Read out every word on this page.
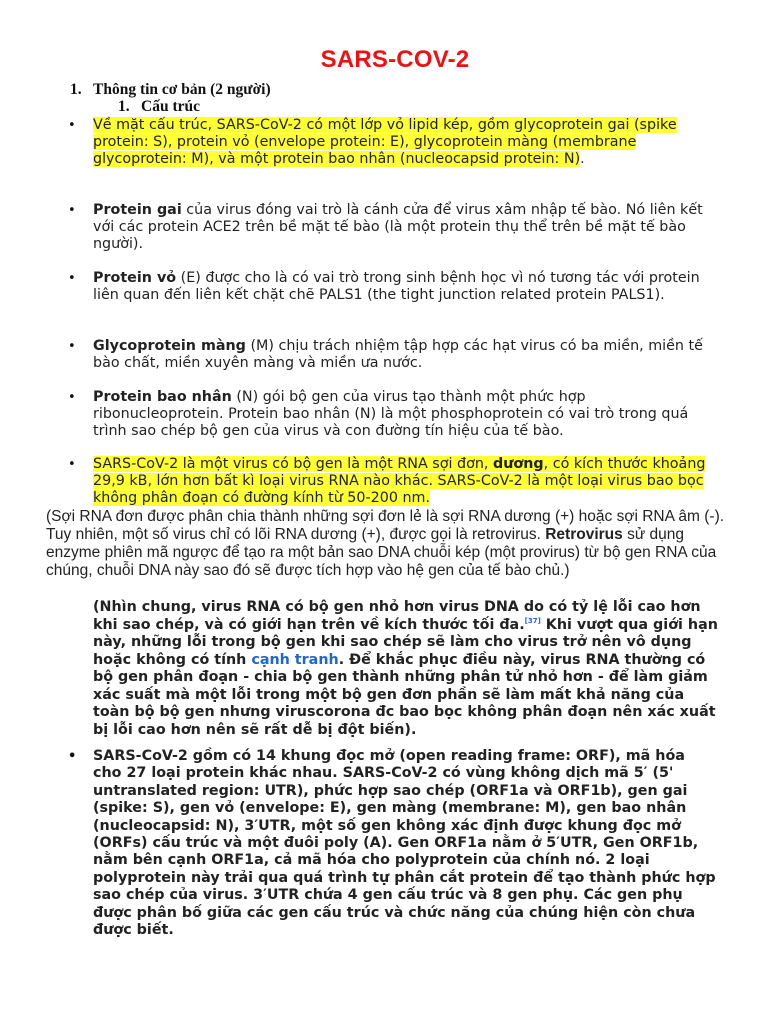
SARS-COV-2
1. Thông tin cơ bản (2 người)
1. Cấu trúc
• Về mặt cấu trúc, SARS-CoV-2 có một lớp vỏ lipid kép, gồm glycoprotein gai (spike protein: S), protein vỏ (envelope protein: E), glycoprotein màng (membrane glycoprotein: M), và một protein bao nhân (nucleocapsid protein: N).
• Protein gai của virus đóng vai trò là cánh cửa để virus xâm nhập tế bào. Nó liên kết với các protein ACE2 trên bề mặt tế bào (là một protein thụ thể trên bề mặt tế bào người).
• Protein vỏ (E) được cho là có vai trò trong sinh bệnh học vì nó tương tác với protein liên quan đến liên kết chặt chẽ PALS1 (the tight junction related protein PALS1).
• Glycoprotein màng (M) chịu trách nhiệm tập hợp các hạt virus có ba miền, miền tế bào chất, miền xuyên màng và miền ưa nước.
• Protein bao nhân (N) gói bộ gen của virus tạo thành một phức hợp ribonucleoprotein. Protein bao nhân (N) là một phosphoprotein có vai trò trong quá trình sao chép bộ gen của virus và con đường tín hiệu của tế bào.
• SARS-CoV-2 là một virus có bộ gen là một RNA sợi đơn, dương, có kích thước khoảng 29,9 kB, lớn hơn bất kì loại virus RNA nào khác. SARS-CoV-2 là một loại virus bao bọc không phân đoạn có đường kính từ 50-200 nm.
(Sợi RNA đơn được phân chia thành những sợi đơn lẻ là sợi RNA dương (+) hoặc sợi RNA âm (-). Tuy nhiên, một số virus chỉ có lõi RNA dương (+), được gọi là retrovirus. Retrovirus sử dụng enzyme phiên mã ngược để tạo ra một bản sao DNA chuỗi kép (một provirus) từ bộ gen RNA của chúng, chuỗi DNA này sao đó sẽ được tích hợp vào hệ gen của tế bào chủ.)
(Nhìn chung, virus RNA có bộ gen nhỏ hơn virus DNA do có tỷ lệ lỗi cao hơn khi sao chép, và có giới hạn trên về kích thước tối đa.[37] Khi vượt qua giới hạn này, những lỗi trong bộ gen khi sao chép sẽ làm cho virus trở nên vô dụng hoặc không có tính cạnh tranh. Để khắc phục điều này, virus RNA thường có bộ gen phân đoạn - chia bộ gen thành những phân tử nhỏ hơn - để làm giảm xác suất mà một lỗi trong một bộ gen đơn phần sẽ làm mất khả năng của toàn bộ bộ gen nhưng viruscorona đc bao bọc không phân đoạn nên xác xuất bị lỗi cao hơn nên sẽ rất dễ bị đột biến).
• SARS-CoV-2 gồm có 14 khung đọc mở (open reading frame: ORF), mã hóa cho 27 loại protein khác nhau. SARS-CoV-2 có vùng không dịch mã 5′ (5' untranslated region: UTR), phức hợp sao chép (ORF1a và ORF1b), gen gai (spike: S), gen vỏ (envelope: E), gen màng (membrane: M), gen bao nhân (nucleocapsid: N), 3′UTR, một số gen không xác định được khung đọc mở (ORFs) cấu trúc và một đuôi poly (A). Gen ORF1a nằm ở 5′UTR, Gen ORF1b, nằm bên cạnh ORF1a, cả mã hóa cho polyprotein của chính nó. 2 loại polyprotein này trải qua quá trình tự phân cắt protein để tạo thành phức hợp sao chép của virus. 3′UTR chứa 4 gen cấu trúc và 8 gen phụ. Các gen phụ được phân bố giữa các gen cấu trúc và chức năng của chúng hiện còn chưa được biết.
